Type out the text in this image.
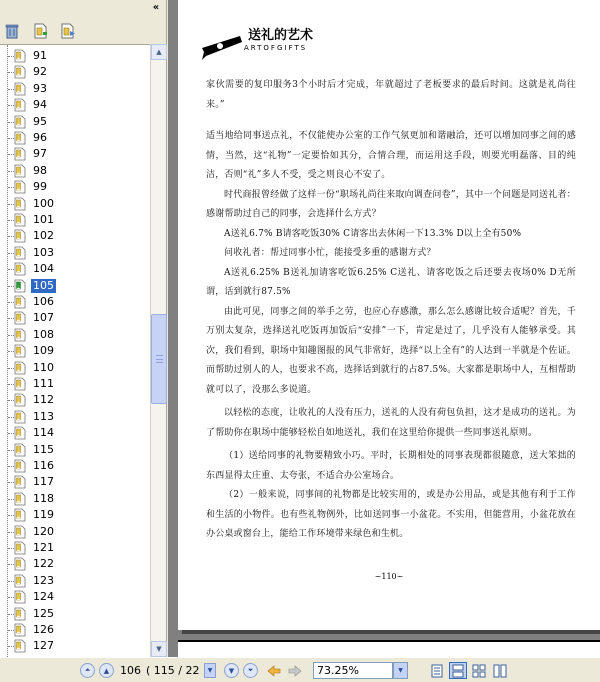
«
91
92
93
94
95
96
97
98
99
100
101
102
103
104
105
106
107
108
109
110
111
112
113
114
115
116
117
118
119
120
121
122
123
124
125
126
127
▲
▼
送礼的艺术
ARTOFGIFTS

家伙需要的复印服务3个小时后才完成，年就超过了老板要求的最后时间。这就是礼尚往来。”

适当地给同事送点礼，不仅能使办公室的工作气氛更加和谐融洽，还可以增加同事之间的感情，当然，这“礼物”一定要恰如其分，合情合理，而运用这手段，则要光明磊落、目的纯洁，否则“礼”多人不受，受之则良心不安了。

时代商报曾经做了这样一份“职场礼尚往来取向调查问卷”，其中一个问题是同送礼者：感谢帮助过自己的同事，会选择什么方式？

A送礼6.7% B请客吃饭30% C请客出去休闲一下13.3% D以上全有50%

问收礼者：帮过同事小忙，能接受多重的感谢方式？

A送礼6.25% B送礼加请客吃饭6.25% C送礼、请客吃饭之后还要去夜场0% D无所谓，话到就行87.5%

由此可见，同事之间的举手之劳，也应心存感激，那么怎么感谢比较合适呢？首先，千万别太复杂，选择送礼吃饭再加饭后“安排”一下，肯定是过了，几乎没有人能够承受。其次，我们看到，职场中知趣图报的风气非常好，选择“以上全有”的人达到一半就是个佐证。而帮助过别人的人，也要求不高，选择话到就行的占87.5%。大家都是职场中人，互相帮助就可以了，没那么多说道。

以轻松的态度，让收礼的人没有压力，送礼的人没有荷包负担，这才是成功的送礼。为了帮助你在职场中能够轻松自如地送礼，我们在这里给你提供一些同事送礼原则。

（1）送给同事的礼物要精致小巧。平时，长期相处的同事表现都很随意，送大笨拙的东西显得太庄重、太夸张，不适合办公室场合。

（2）一般来说，同事间的礼物都是比较实用的，或是办公用品，或是其他有利于工作和生活的小物件。也有些礼物例外，比如送同事一小盆花。不实用，但能营用，小盆花放在办公桌或窗台上，能给工作环境带来绿色和生机。

~110~
⏶	▲
106	( 115 / 22	▼	▼	⏷	73.25%	▼
